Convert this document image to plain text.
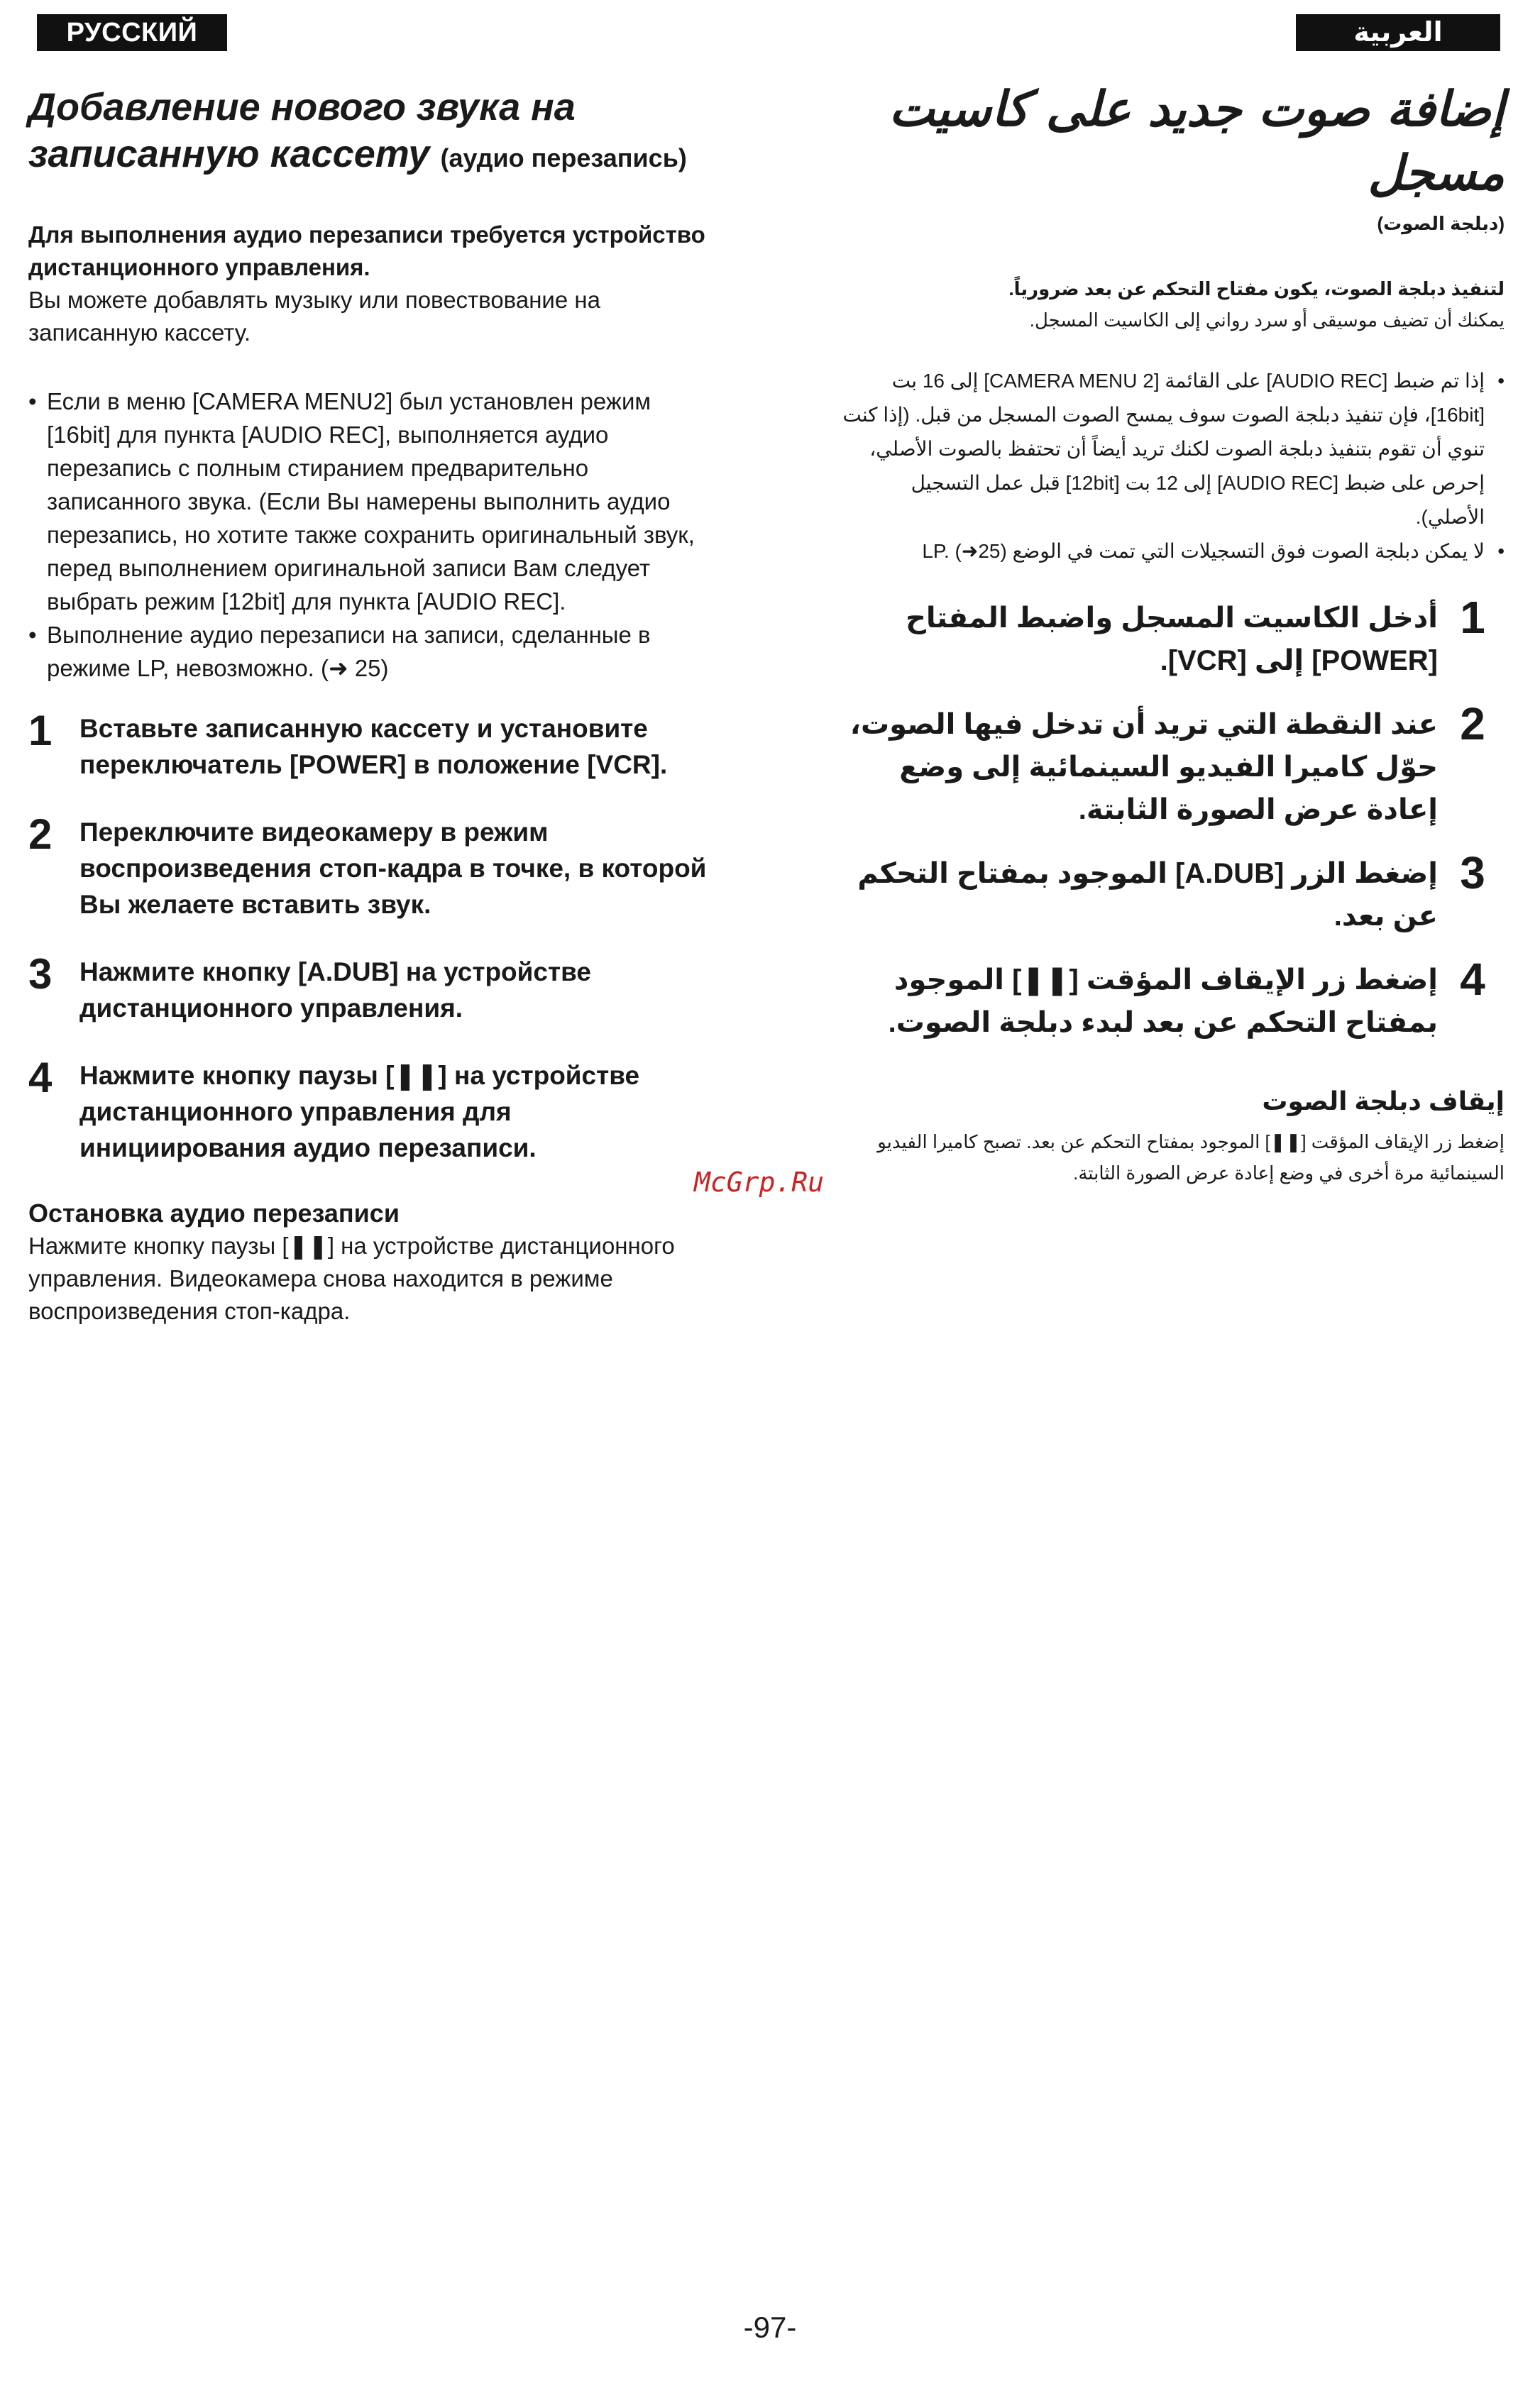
РУССКИЙ ЯЗЫК
العربية
Добавление нового звука на
записанную кассету (аудио перезапись)

Для выполнения аудио перезаписи требуется устройство дистанционного управления.

Вы можете добавлять музыку или повествование на записанную кассету.

• Если в меню [CAMERA MENU2] был установлен режим [16bit] для пункта [AUDIO REC], выполняется аудио перезапись с полным стиранием предварительно записанного звука. (Если Вы намерены выполнить аудио перезапись, но хотите также сохранить оригинальный звук, перед выполнением оригинальной записи Вам следует выбрать режим [12bit] для пункта [AUDIO REC].
• Выполнение аудио перезаписи на записи, сделанные в режиме LP, невозможно. (➜ 25)
1	Вставьте записанную кассету и установите переключатель [POWER] в положение [VCR].
2	Переключите видеокамеру в режим воспроизведения стоп-кадра в точке, в которой Вы желаете вставить звук.
3	Нажмите кнопку [A.DUB] на устройстве дистанционного управления.
4	Нажмите кнопку паузы [❚❚] на устройстве дистанционного управления для инициирования аудио перезаписи.
Остановка аудио перезаписи

Нажмите кнопку паузы [❚❚] на устройстве дистанционного управления. Видеокамера снова находится в режиме воспроизведения стоп-кадра.

إضافة صوت جديد على كاسيت مسجل

(دبلجة الصوت)

لتنفيذ دبلجة الصوت، يكون مفتاح التحكم عن بعد ضرورياً.

يمكنك أن تضيف موسيقى أو سرد رواني إلى الكاسيت المسجل.

•
إذا تم ضبط [AUDIO REC] على القائمة [CAMERA MENU 2] إلى 16 بت [16bit]، فإن تنفيذ دبلجة الصوت سوف يمسح الصوت المسجل من قبل. (إذا كنت تنوي أن تقوم بتنفيذ دبلجة الصوت لكنك تريد أيضاً أن تحتفظ بالصوت الأصلي، إحرص على ضبط [AUDIO REC] إلى 12 بت [12bit] قبل عمل التسجيل الأصلي).
•
لا يمكن دبلجة الصوت فوق التسجيلات التي تمت في الوضع LP. (➜25)
1
أدخل الكاسيت المسجل واضبط المفتاح [POWER] إلى [VCR].
2
عند النقطة التي تريد أن تدخل فيها الصوت، حوّل كاميرا الفيديو السينمائية إلى وضع إعادة عرض الصورة الثابتة.
3
إضغط الزر [A.DUB] الموجود بمفتاح التحكم عن بعد.
4
إضغط زر الإيقاف المؤقت [❚❚] الموجود بمفتاح التحكم عن بعد لبدء دبلجة الصوت.
إيقاف دبلجة الصوت

إضغط زر الإيقاف المؤقت [❚❚] الموجود بمفتاح التحكم عن بعد. تصبح كاميرا الفيديو السينمائية مرة أخرى في وضع إعادة عرض الصورة الثابتة.

McGrp.Ru
-97-
